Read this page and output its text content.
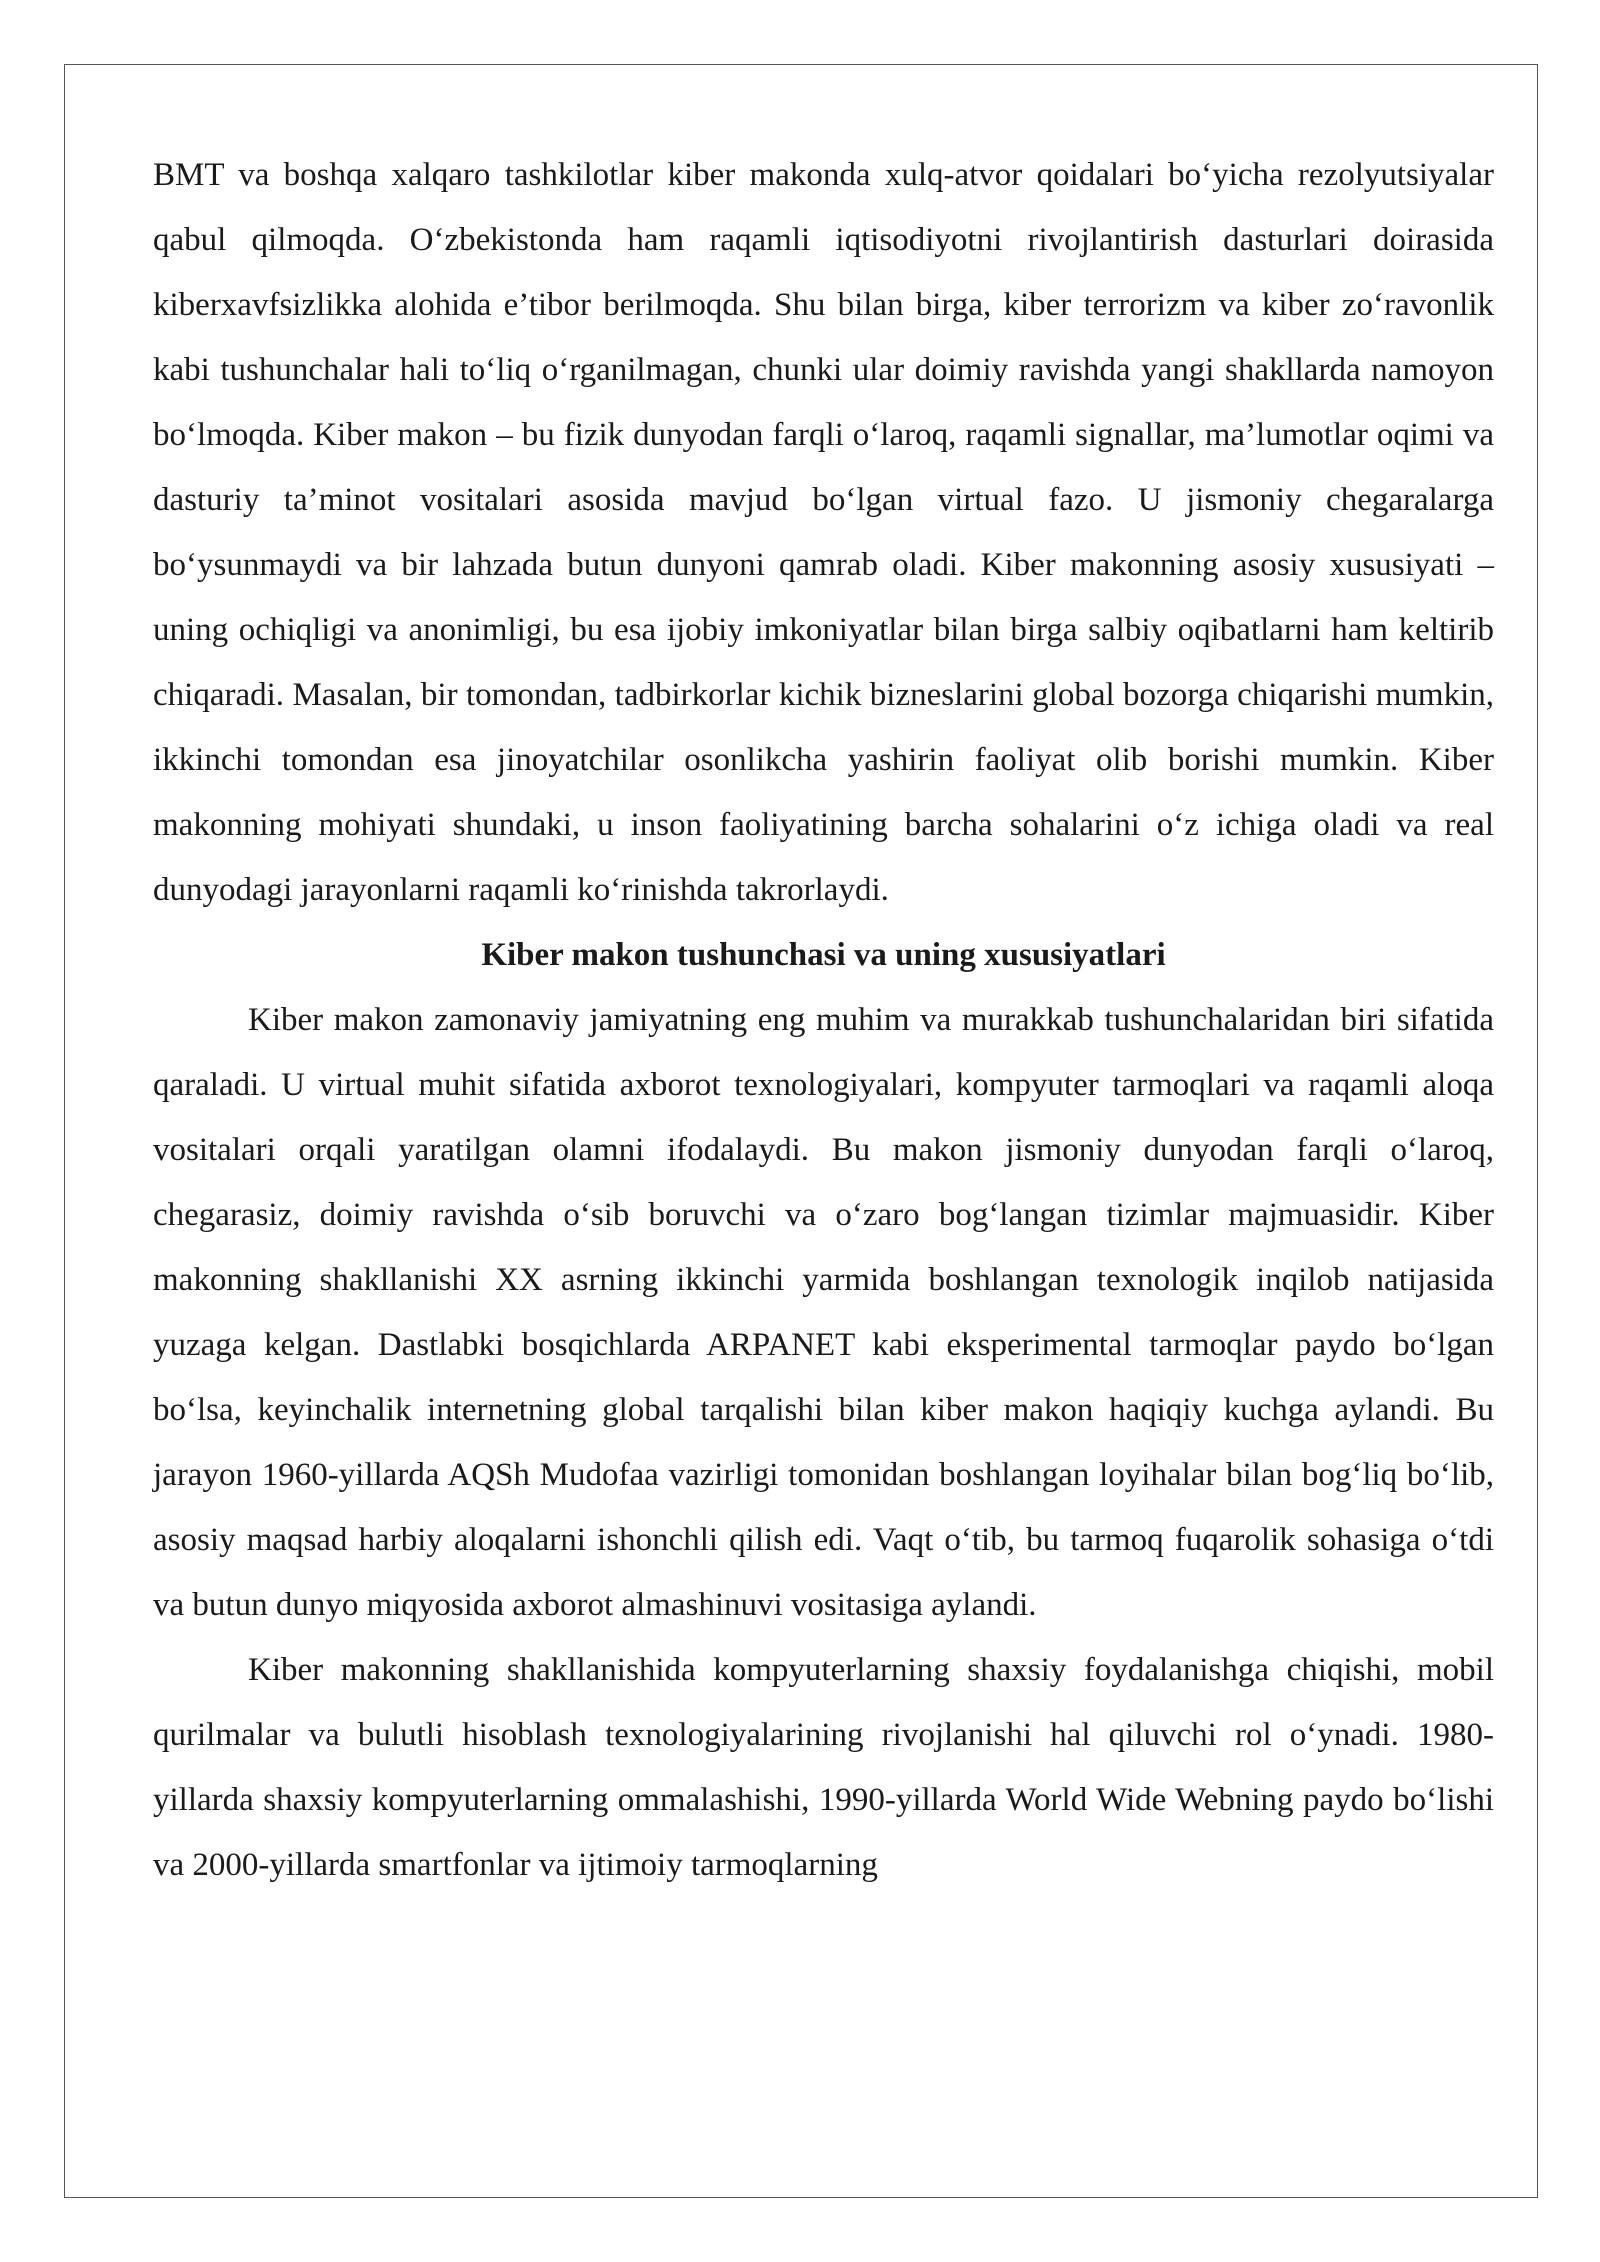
BMT va boshqa xalqaro tashkilotlar kiber makonda xulq-atvor qoidalari bo‘yicha rezolyutsiyalar qabul qilmoqda. O‘zbekistonda ham raqamli iqtisodiyotni rivojlantirish dasturlari doirasida kiberxavfsizlikka alohida e’tibor berilmoqda. Shu bilan birga, kiber terrorizm va kiber zo‘ravonlik kabi tushunchalar hali to‘liq o‘rganilmagan, chunki ular doimiy ravishda yangi shakllarda namoyon bo‘lmoqda. Kiber makon – bu fizik dunyodan farqli o‘laroq, raqamli signallar, ma’lumotlar oqimi va dasturiy ta’minot vositalari asosida mavjud bo‘lgan virtual fazo. U jismoniy chegaralarga bo‘ysunmaydi va bir lahzada butun dunyoni qamrab oladi. Kiber makonning asosiy xususiyati – uning ochiqligi va anonimligi, bu esa ijobiy imkoniyatlar bilan birga salbiy oqibatlarni ham keltirib chiqaradi. Masalan, bir tomondan, tadbirkorlar kichik bizneslarini global bozorga chiqarishi mumkin, ikkinchi tomondan esa jinoyatchilar osonlikcha yashirin faoliyat olib borishi mumkin. Kiber makonning mohiyati shundaki, u inson faoliyatining barcha sohalarini o‘z ichiga oladi va real dunyodagi jarayonlarni raqamli ko‘rinishda takrorlaydi.

Kiber makon tushunchasi va uning xususiyatlari

Kiber makon zamonaviy jamiyatning eng muhim va murakkab tushunchalaridan biri sifatida qaraladi. U virtual muhit sifatida axborot texnologiyalari, kompyuter tarmoqlari va raqamli aloqa vositalari orqali yaratilgan olamni ifodalaydi. Bu makon jismoniy dunyodan farqli o‘laroq, chegarasiz, doimiy ravishda o‘sib boruvchi va o‘zaro bog‘langan tizimlar majmuasidir. Kiber makonning shakllanishi XX asrning ikkinchi yarmida boshlangan texnologik inqilob natijasida yuzaga kelgan. Dastlabki bosqichlarda ARPANET kabi eksperimental tarmoqlar paydo bo‘lgan bo‘lsa, keyinchalik internetning global tarqalishi bilan kiber makon haqiqiy kuchga aylandi. Bu jarayon 1960-yillarda AQSh Mudofaa vazirligi tomonidan boshlangan loyihalar bilan bog‘liq bo‘lib, asosiy maqsad harbiy aloqalarni ishonchli qilish edi. Vaqt o‘tib, bu tarmoq fuqarolik sohasiga o‘tdi va butun dunyo miqyosida axborot almashinuvi vositasiga aylandi.

Kiber makonning shakllanishida kompyuterlarning shaxsiy foydalanishga chiqishi, mobil qurilmalar va bulutli hisoblash texnologiyalarining rivojlanishi hal qiluvchi rol o‘ynadi. 1980-yillarda shaxsiy kompyuterlarning ommalashishi, 1990-yillarda World Wide Webning paydo bo‘lishi va 2000-yillarda smartfonlar va ijtimoiy tarmoqlarning
